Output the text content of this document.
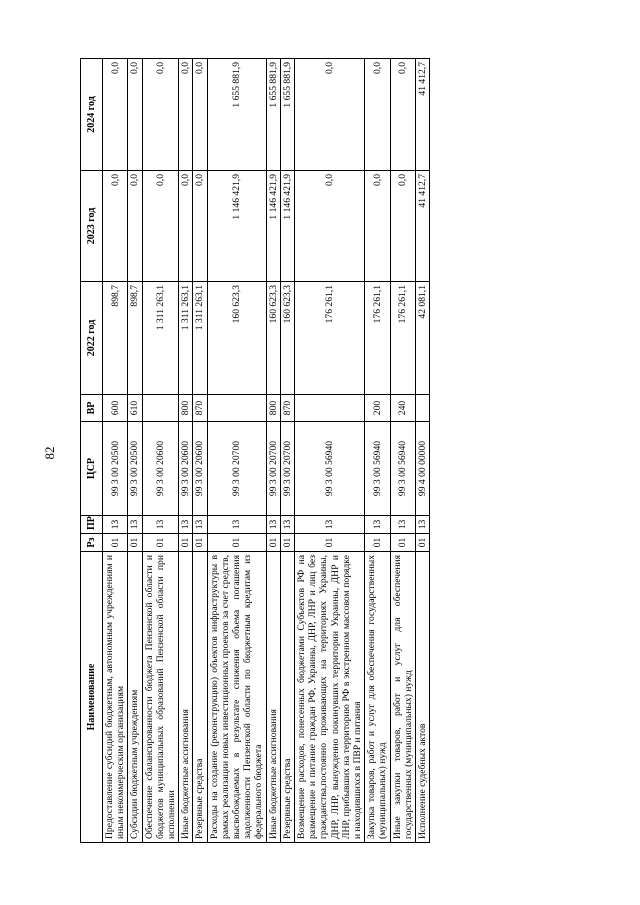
82
Наименование	Рз	ПР	ЦСР	ВР	2022 год	2023 год	2024 год
Предоставление субсидий бюджетным, автономным учреждениям и иным некоммерческим организациям	01	13	99 3 00 20500	600	898,7	0,0	0,0
Субсидии бюджетным учреждениям	01	13	99 3 00 20500	610	898,7	0,0	0,0
Обеспечение сбалансированности бюджета Пензенской области и бюджетов муниципальных образований Пензенской области при исполнении	01	13	99 3 00 20600		1 311 263,1	0,0	0,0
Иные бюджетные ассигнования	01	13	99 3 00 20600	800	1 311 263,1	0,0	0,0
Резервные средства	01	13	99 3 00 20600	870	1 311 263,1	0,0	0,0
Расходы на создание (реконструкцию) объектов инфраструктуры в рамках реализации новых инвестиционных проектов за счет средств, высвобождаемых в результате снижения объема погашения задолженности Пензенской области по бюджетным кредитам из федерального бюджета	01	13	99 3 00 20700		160 623,3	1 146 421,9	1 655 881,9
Иные бюджетные ассигнования	01	13	99 3 00 20700	800	160 623,3	1 146 421,9	1 655 881,9
Резервные средства	01	13	99 3 00 20700	870	160 623,3	1 146 421,9	1 655 881,9
Возмещение расходов, понесенных бюджетами Субъектов РФ на размещение и питание граждан РФ, Украины, ДНР, ЛНР и лиц без гражданства,постоянно проживающих на территориях Украины, ДНР, ЛНР, вынужденно покинувших территории Украины, ДНР и ЛНР, прибывших на территорию РФ в экстренном массовом порядке и находившихся в ПВР и питания	01	13	99 3 00 56940		176 261,1	0,0	0,0
Закупка товаров, работ и услуг для обеспечения государственных (муниципальных) нужд	01	13	99 3 00 56940	200	176 261,1	0,0	0,0
Иные закупки товаров, работ и услуг для обеспечения государственных (муниципальных) нужд	01	13	99 3 00 56940	240	176 261,1	0,0	0,0
Исполнение судебных актов	01	13	99 4 00 00000		42 081,1	41 412,7	41 412,7
